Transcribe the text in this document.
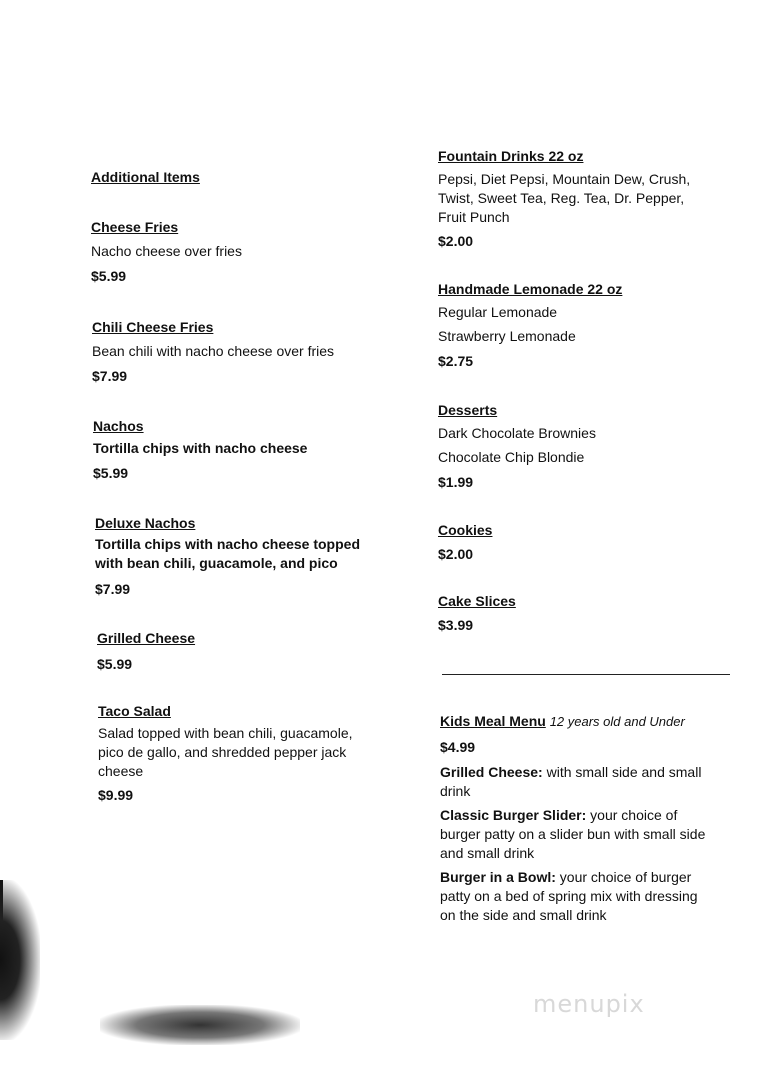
Additional Items
Cheese Fries
Nacho cheese over fries
$5.99
Chili Cheese Fries
Bean chili with nacho cheese over fries
$7.99
Nachos
Tortilla chips with nacho cheese
$5.99
Deluxe Nachos
Tortilla chips with nacho cheese topped
with bean chili, guacamole, and pico
$7.99
Grilled Cheese
$5.99
Taco Salad
Salad topped with bean chili, guacamole,
pico de gallo, and shredded pepper jack
cheese
$9.99
Fountain Drinks 22 oz
Pepsi, Diet Pepsi, Mountain Dew, Crush,
Twist, Sweet Tea, Reg. Tea, Dr. Pepper,
Fruit Punch
$2.00
Handmade Lemonade 22 oz
Regular Lemonade
Strawberry Lemonade
$2.75
Desserts
Dark Chocolate Brownies
Chocolate Chip Blondie
$1.99
Cookies
$2.00
Cake Slices
$3.99
Kids Meal Menu 12 years old and Under
$4.99
Grilled Cheese: with small side and small
drink
Classic Burger Slider: your choice of
burger patty on a slider bun with small side
and small drink
Burger in a Bowl: your choice of burger
patty on a bed of spring mix with dressing
on the side and small drink
menupix
